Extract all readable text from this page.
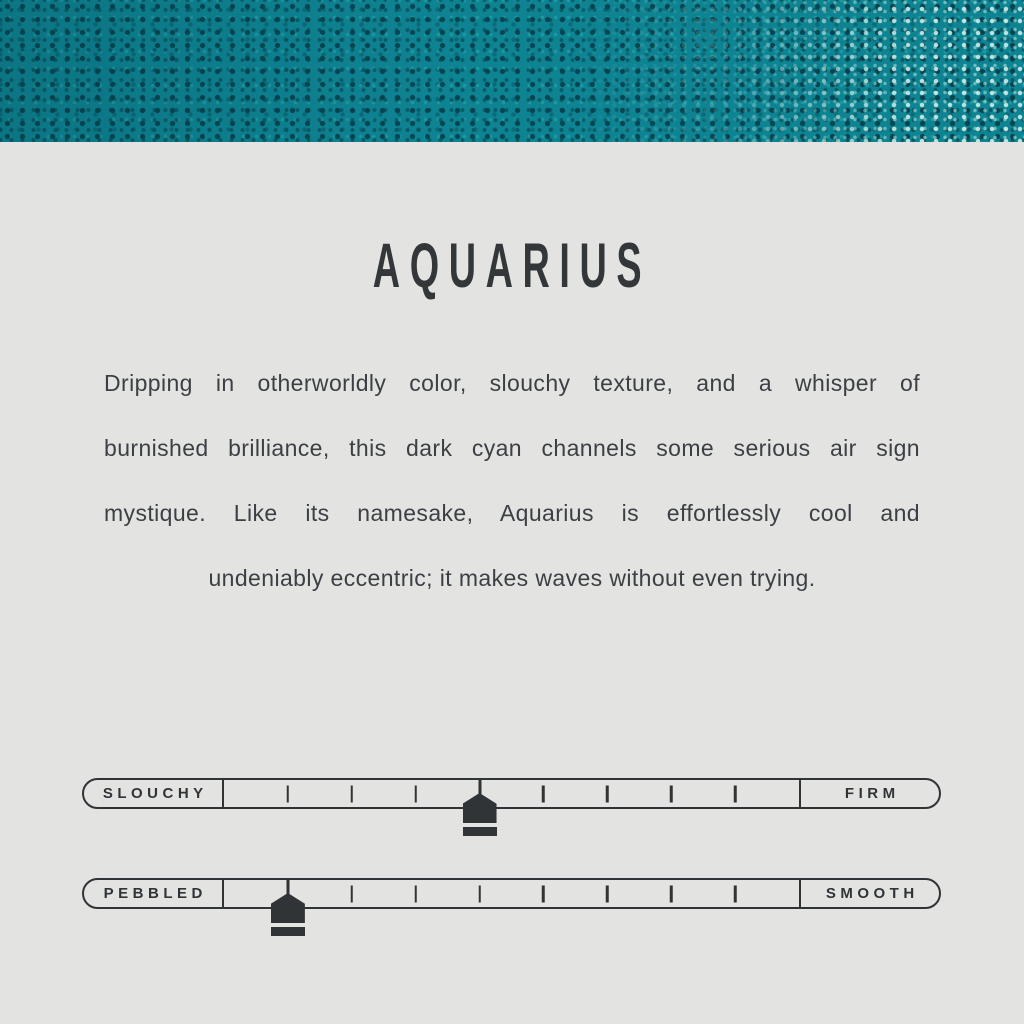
AQUARIUS

Dripping in otherworldly color, slouchy texture, and a whisper of

burnished brilliance, this dark cyan channels some serious air sign

mystique. Like its namesake, Aquarius is effortlessly cool and

undeniably eccentric; it makes waves without even trying.

SLOUCHY	FIRM
PEBBLED	SMOOTH
